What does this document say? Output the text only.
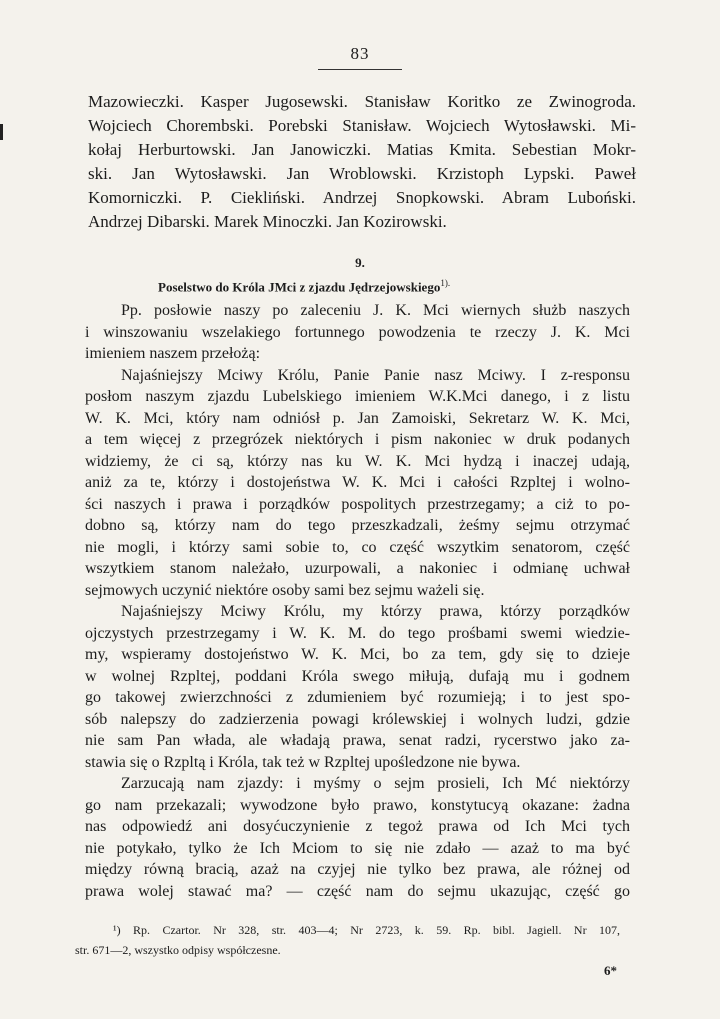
83
Mazowieczki. Kasper Jugosewski. Stanisław Koritko ze Zwinogroda.
Wojciech Chorembski. Porebski Stanisław. Wojciech Wytosławski. Mi-
kołaj Herburtowski. Jan Janowiczki. Matias Kmita. Sebestian Mokr-
ski. Jan Wytosławski. Jan Wroblowski. Krzistoph Lypski. Paweł
Komorniczki. P. Ciekliński. Andrzej Snopkowski. Abram Luboński.
Andrzej Dibarski. Marek Minoczki. Jan Kozirowski.
9.
Poselstwo do Króla JMci z zjazdu Jędrzejowskiego$^{1).}$
Pp. posłowie naszy po zaleceniu J. K. Mci wiernych służb naszych
i winszowaniu wszelakiego fortunnego powodzenia te rzeczy J. K. Mci
imieniem naszem przełożą:
Najaśniejszy Mciwy Królu, Panie Panie nasz Mciwy. I z-responsu
posłom naszym zjazdu Lubelskiego imieniem W.K.Mci danego, i z listu
W. K. Mci, który nam odniósł p. Jan Zamoiski, Sekretarz W. K. Mci,
a tem więcej z przegrózek niektórych i pism nakoniec w druk podanych
widziemy, że ci są, którzy nas ku W. K. Mci hydzą i inaczej udają,
aniż za te, którzy i dostojeństwa W. K. Mci i całości Rzpltej i wolno-
ści naszych i prawa i porządków pospolitych przestrzegamy; a ciż to po-
dobno są, którzy nam do tego przeszkadzali, żeśmy sejmu otrzymać
nie mogli, i którzy sami sobie to, co część wszytkim senatorom, część
wszytkiem stanom należało, uzurpowali, a nakoniec i odmianę uchwał
sejmowych uczynić niektóre osoby sami bez sejmu ważeli się.
Najaśniejszy Mciwy Królu, my którzy prawa, którzy porządków
ojczystych przestrzegamy i W. K. M. do tego prośbami swemi wiedzie-
my, wspieramy dostojeństwo W. K. Mci, bo za tem, gdy się to dzieje
w wolnej Rzpltej, poddani Króla swego miłują, dufają mu i godnem
go takowej zwierzchności z zdumieniem być rozumieją; i to jest spo-
sób nalepszy do zadzierzenia powagi królewskiej i wolnych ludzi, gdzie
nie sam Pan włada, ale władają prawa, senat radzi, rycerstwo jako za-
stawia się o Rzpltą i Króla, tak też w Rzpltej upośledzone nie bywa.
Zarzucają nam zjazdy: i myśmy o sejm prosieli, Ich Mć niektórzy
go nam przekazali; wywodzone było prawo, konstytucyą okazane: żadna
nas odpowiedź ani dosyćuczynienie z tegoż prawa od Ich Mci tych
nie potykało, tylko że Ich Mciom to się nie zdało — azaż to ma być
między równą bracią, azaż na czyjej nie tylko bez prawa, ale różnej od
prawa wolej stawać ma? — część nam do sejmu ukazując, część go
¹) Rp. Czartor. Nr 328, str. 403—4; Nr 2723, k. 59. Rp. bibl. Jagiell. Nr 107,
str. 671—2, wszystko odpisy współczesne.
6*
